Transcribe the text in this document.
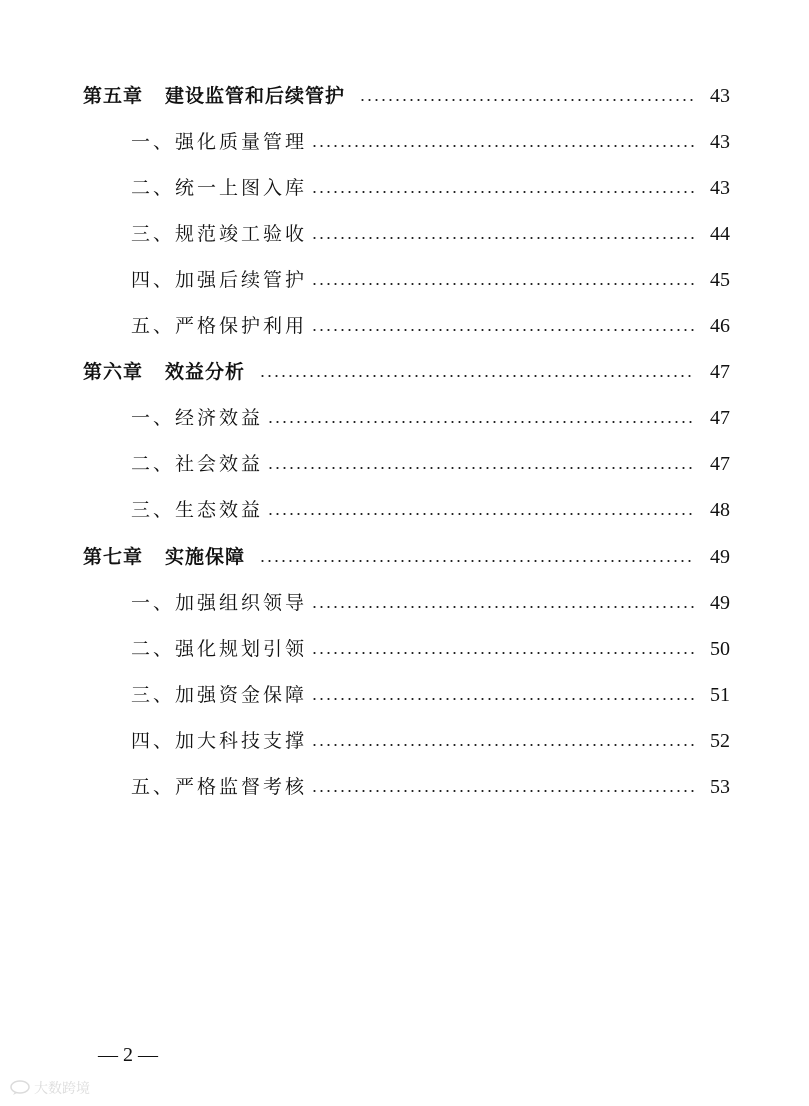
第五章 建设监管和后续管护	43
一、强化质量管理	43
二、统一上图入库	43
三、规范竣工验收	44
四、加强后续管护	45
五、严格保护利用	46
第六章 效益分析	47
一、经济效益	47
二、社会效益	47
三、生态效益	48
第七章 实施保障	49
一、加强组织领导	49
二、强化规划引领	50
三、加强资金保障	51
四、加大科技支撑	52
五、严格监督考核	53
— 2 —
大数跨境
